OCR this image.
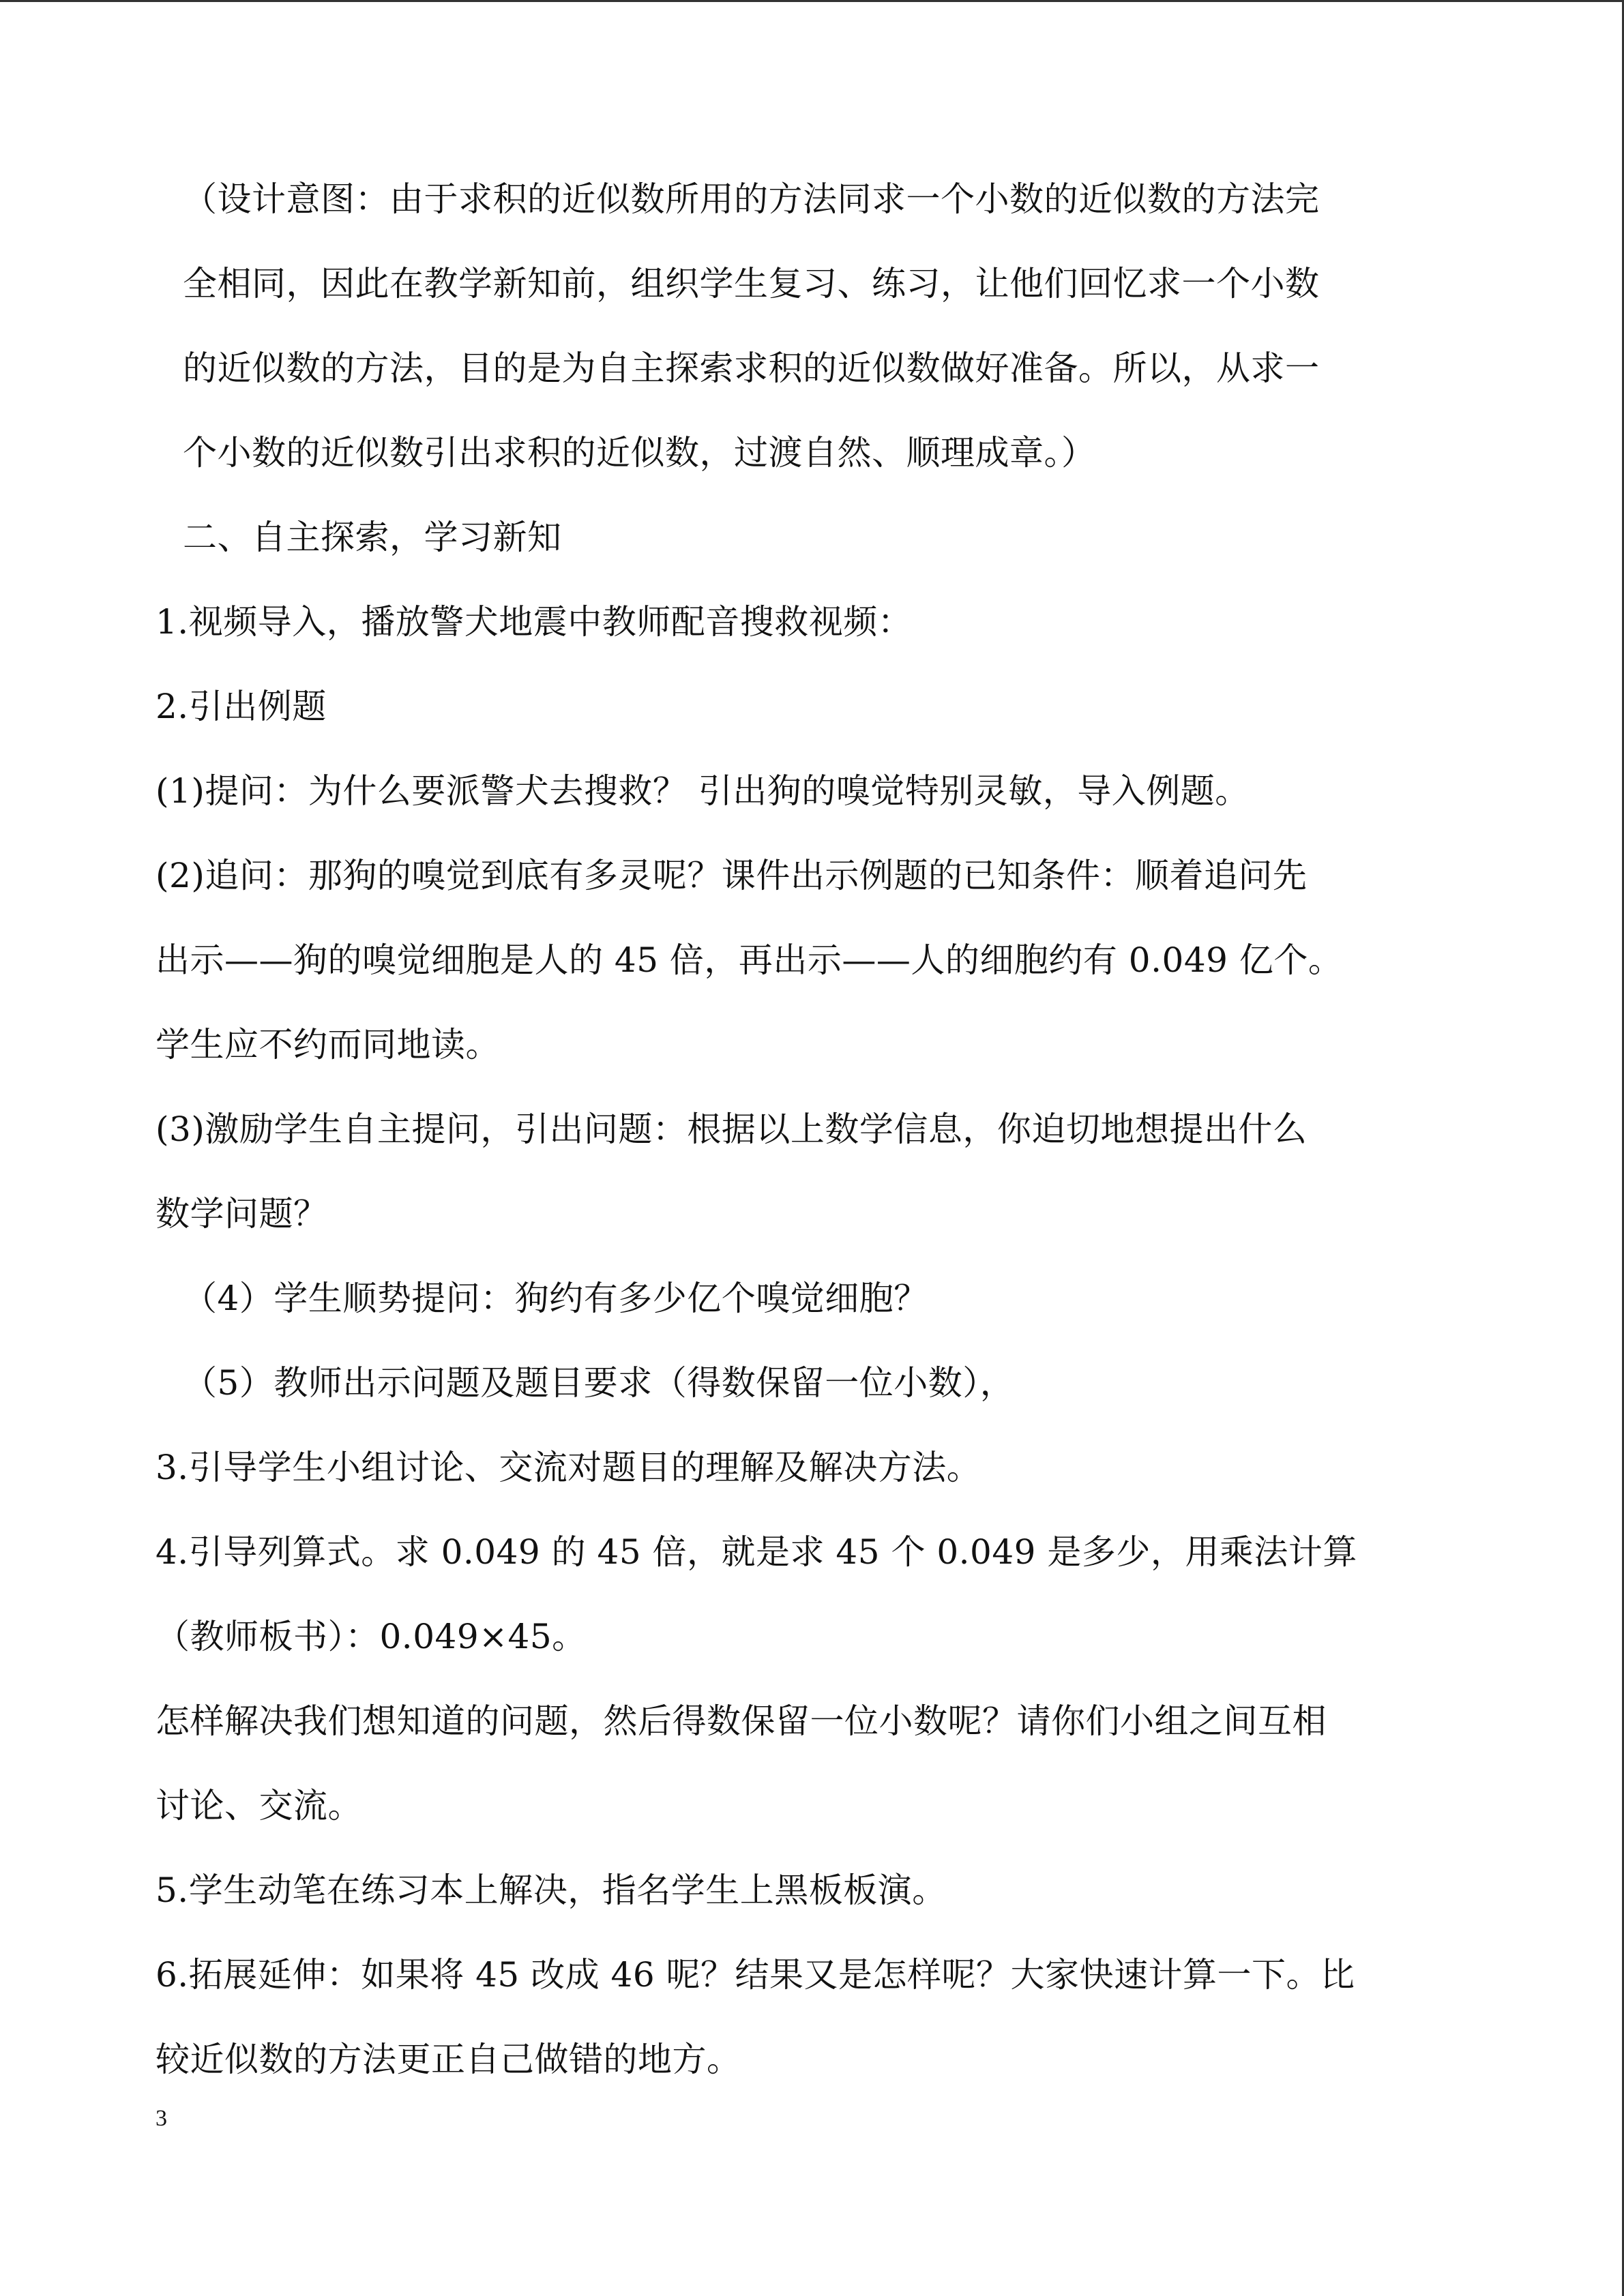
（设计意图：由于求积的近似数所用的方法同求一个小数的近似数的方法完
全相同，因此在教学新知前，组织学生复习、练习，让他们回忆求一个小数
的近似数的方法，目的是为自主探索求积的近似数做好准备。所以，从求一
个小数的近似数引出求积的近似数，过渡自然、顺理成章。）
二、自主探索，学习新知
1.视频导入，播放警犬地震中教师配音搜救视频：
2.引出例题
(1)提问：为什么要派警犬去搜救？ 引出狗的嗅觉特别灵敏，导入例题。
(2)追问：那狗的嗅觉到底有多灵呢？课件出示例题的已知条件：顺着追问先
出示——狗的嗅觉细胞是人的 45 倍，再出示——人的细胞约有 0.049 亿个。
学生应不约而同地读。
(3)激励学生自主提问，引出问题：根据以上数学信息，你迫切地想提出什么
数学问题？
（4）学生顺势提问：狗约有多少亿个嗅觉细胞？
（5）教师出示问题及题目要求（得数保留一位小数），
3.引导学生小组讨论、交流对题目的理解及解决方法。
4.引导列算式。求 0.049 的 45 倍，就是求 45 个 0.049 是多少，用乘法计算
（教师板书）：0.049×45。
怎样解决我们想知道的问题，然后得数保留一位小数呢？请你们小组之间互相
讨论、交流。
5.学生动笔在练习本上解决，指名学生上黑板板演。
6.拓展延伸：如果将 45 改成 46 呢？结果又是怎样呢？大家快速计算一下。比
较近似数的方法更正自己做错的地方。
3
